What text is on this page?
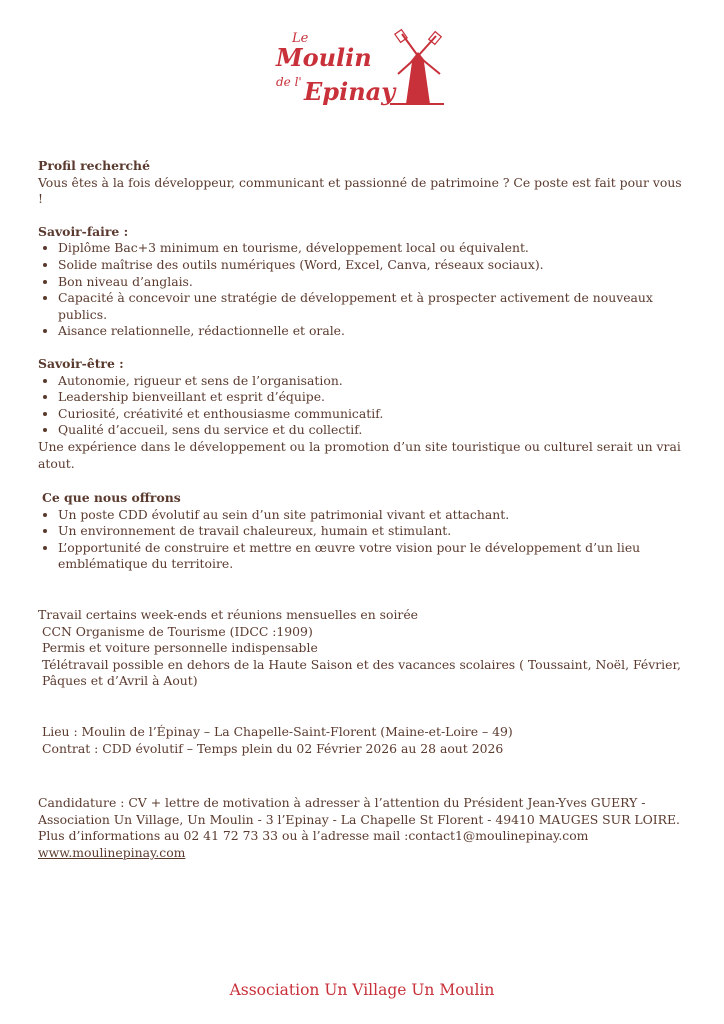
Le
Moulin
de l' Epinay

Profil recherché

Vous êtes à la fois développeur, communicant et passionné de patrimoine ? Ce poste est fait pour vous !

Savoir-faire :

• Diplôme Bac+3 minimum en tourisme, développement local ou équivalent.
• Solide maîtrise des outils numériques (Word, Excel, Canva, réseaux sociaux).
• Bon niveau d’anglais.
• Capacité à concevoir une stratégie de développement et à prospecter activement de nouveaux publics.
• Aisance relationnelle, rédactionnelle et orale.

Savoir-être :

• Autonomie, rigueur et sens de l’organisation.
• Leadership bienveillant et esprit d’équipe.
• Curiosité, créativité et enthousiasme communicatif.
• Qualité d’accueil, sens du service et du collectif.

Une expérience dans le développement ou la promotion d’un site touristique ou culturel serait un vrai atout.

Ce que nous offrons

• Un poste CDD évolutif au sein d’un site patrimonial vivant et attachant.
• Un environnement de travail chaleureux, humain et stimulant.
• L’opportunité de construire et mettre en œuvre votre vision pour le développement d’un lieu emblématique du territoire.

Travail certains week-ends et réunions mensuelles en soirée

CCN Organisme de Tourisme (IDCC :1909)

Permis et voiture personnelle indispensable

Télétravail possible en dehors de la Haute Saison et des vacances scolaires ( Toussaint, Noël, Février, Pâques et d’Avril à Aout)

Lieu : Moulin de l’Épinay – La Chapelle-Saint-Florent (Maine-et-Loire – 49)

Contrat : CDD évolutif – Temps plein du 02 Février 2026 au 28 aout 2026

Candidature : CV + lettre de motivation à adresser à l’attention du Président Jean-Yves GUERY - Association Un Village, Un Moulin - 3 l’Epinay - La Chapelle St Florent - 49410 MAUGES SUR LOIRE.

Plus d’informations au 02 41 72 73 33 ou à l’adresse mail :contact1@moulinepinay.com

www.moulinepinay.com

Association Un Village Un Moulin
